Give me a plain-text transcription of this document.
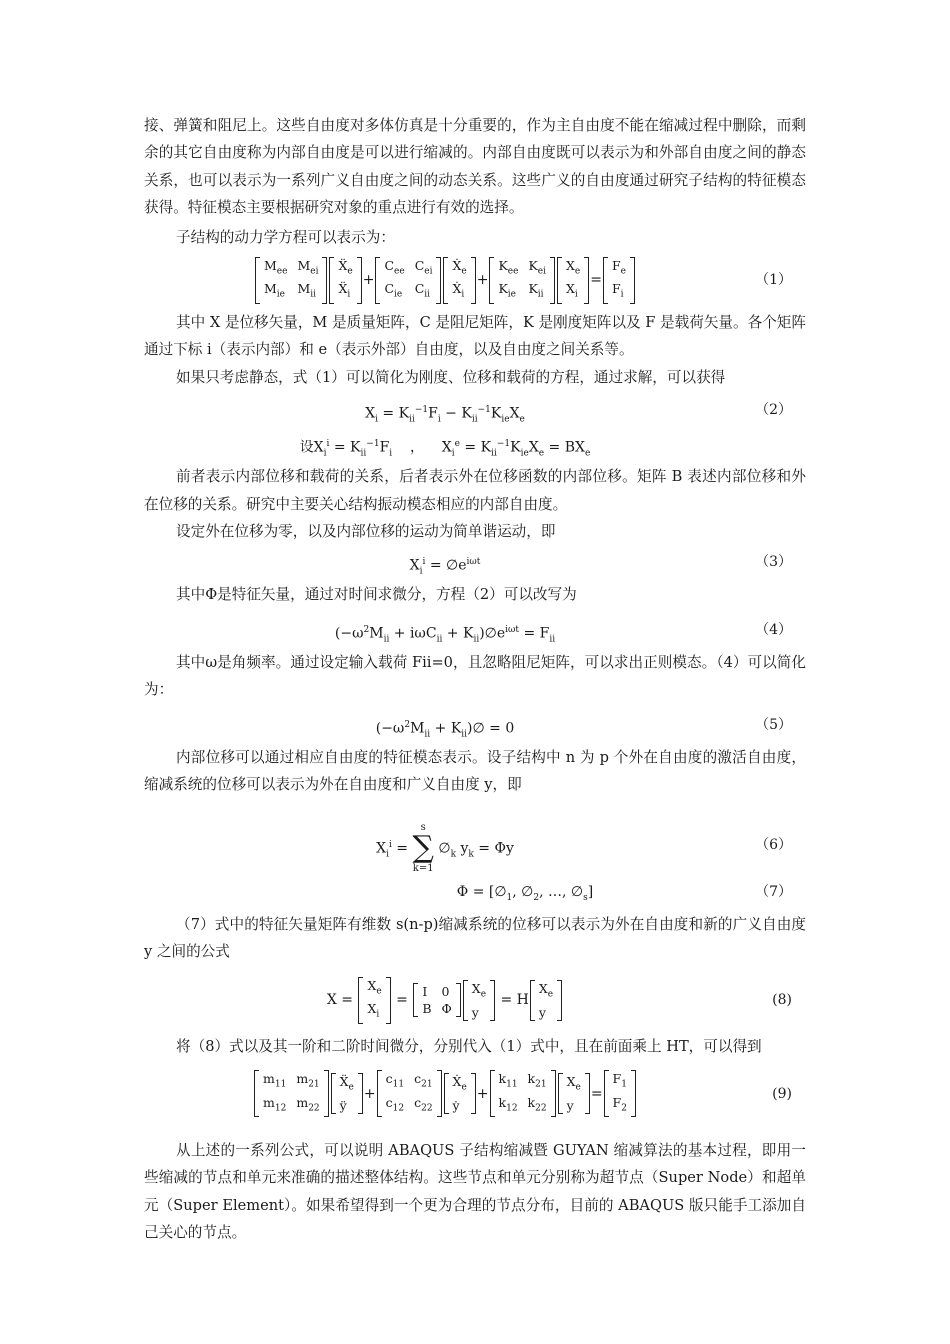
接、弹簧和阻尼上。这些自由度对多体仿真是十分重要的，作为主自由度不能在缩减过程中删除，而剩余的其它自由度称为内部自由度是可以进行缩减的。内部自由度既可以表示为和外部自由度之间的静态关系，也可以表示为一系列广义自由度之间的动态关系。这些广义的自由度通过研究子结构的特征模态获得。特征模态主要根据研究对象的重点进行有效的选择。

子结构的动力学方程可以表示为：

$M_{ee}$	$M_{ei}$
$M_{ie}$	$M_{ii}$
Ẍ$_e$
Ẍ$_i$
+
$C_{ee}$	$C_{ei}$
$C_{ie}$	$C_{ii}$
Ẋ$_e$
Ẋ$_i$
+
$K_{ee}$	$K_{ei}$
$K_{ie}$	$K_{ii}$
$X_e$
$X_i$
=
$F_e$
$F_i$
（1）

其中 X 是位移矢量，M 是质量矩阵，C 是阻尼矩阵，K 是刚度矩阵以及 F 是载荷矢量。各个矩阵通过下标 i（表示内部）和 e（表示外部）自由度，以及自由度之间关系等。

如果只考虑静态，式（1）可以简化为刚度、位移和载荷的方程，通过求解，可以获得

$X_i = K_{ii}^{-1}F_i - K_{ii}^{-1}K_{ie}X_e$
（2）
设$X_i^i = K_{ii}^{-1}F_i$ ，    $X_i^e = K_{ii}^{-1}K_{ie}X_e = BX_e$

前者表示内部位移和载荷的关系，后者表示外在位移函数的内部位移。矩阵 B 表述内部位移和外在位移的关系。研究中主要关心结构振动模态相应的内部自由度。

设定外在位移为零，以及内部位移的运动为简单谐运动，即

$X_i^i$ = $\emptyset e^{i\omega t}$	（3）

其中Φ是特征矢量，通过对时间求微分，方程（2）可以改写为

($-\omega^2M_{ii} + i\omega C_{ii}$ + $K_{ii})\emptyset e^{i\omega t} = F_{ii}$
（4）

其中ω是角频率。通过设定输入载荷 Fii=0，且忽略阻尼矩阵，可以求出正则模态。（4）可以简化为：

($-\omega^2M_{ii}$ + $K_{ii})\emptyset = 0$	（5）

内部位移可以通过相应自由度的特征模态表示。设子结构中 n 为 p 个外在自由度的激活自由度，缩减系统的位移可以表示为外在自由度和广义自由度 y，即

$X_i^i$ =
s
∑
k=1
$\emptyset_k$ $y_k = \Phi y$	（6）
$\Phi = [\emptyset_1$, $\emptyset_2$, …, $\emptyset_s$]	（7）

（7）式中的特征矢量矩阵有维数 s(n-p)缩减系统的位移可以表示为外在自由度和新的广义自由度 y 之间的公式

X =
$X_e$
$X_i$
=
I	0
B	Φ
$X_e$
y
= H
$X_e$
y
(8)

将（8）式以及其一阶和二阶时间微分，分别代入（1）式中，且在前面乘上 HT，可以得到

$m_{11}$	$m_{21}$
$m_{12}$	$m_{22}$
Ẍ$_e$
ÿ
+
$c_{11}$	$c_{21}$
$c_{12}$	$c_{22}$
Ẋ$_e$
ẏ
+
$k_{11}$	$k_{21}$
$k_{12}$	$k_{22}$
$X_e$
y
=
$F_1$
$F_2$
(9)

从上述的一系列公式，可以说明 ABAQUS 子结构缩减暨 GUYAN 缩减算法的基本过程，即用一些缩减的节点和单元来准确的描述整体结构。这些节点和单元分别称为超节点（Super Node）和超单元（Super Element）。如果希望得到一个更为合理的节点分布，目前的 ABAQUS 版只能手工添加自己关心的节点。
